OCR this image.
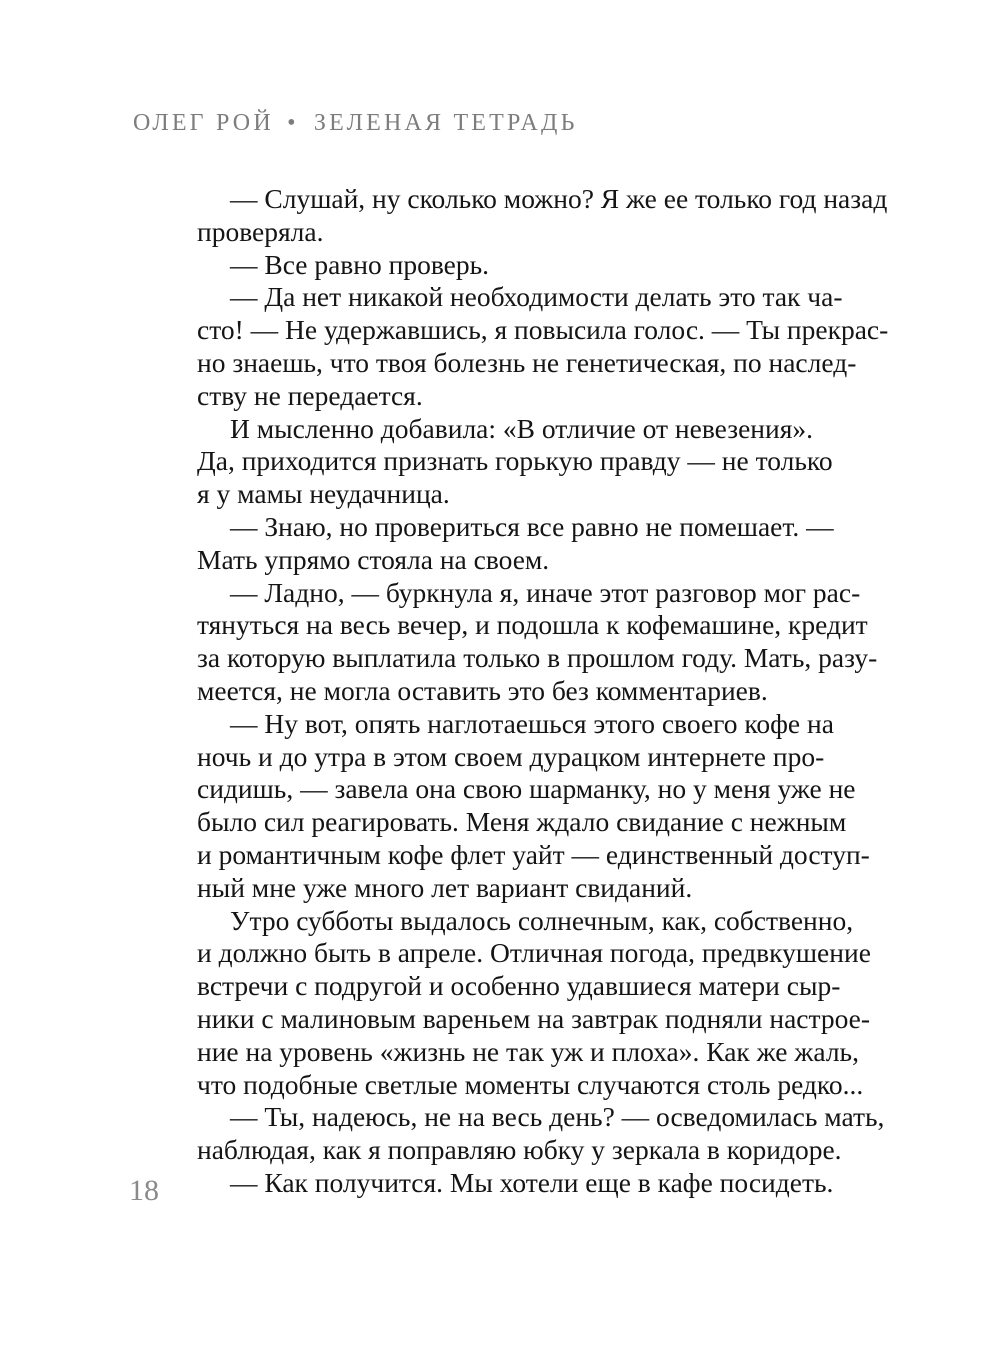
ОЛЕГ РОЙ • ЗЕЛЕНАЯ ТЕТРАДЬ
— Слушай, ну сколько можно? Я же ее только год назад
проверяла.
— Все равно проверь.
— Да нет никакой необходимости делать это так ча-
сто! — Не удержавшись, я повысила голос. — Ты прекрас-
но знаешь, что твоя болезнь не генетическая, по наслед-
ству не передается.
И мысленно добавила: «В отличие от невезения».
Да, приходится признать горькую правду — не только
я у мамы неудачница.
— Знаю, но провериться все равно не помешает. —
Мать упрямо стояла на своем.
— Ладно, — буркнула я, иначе этот разговор мог рас-
тянуться на весь вечер, и подошла к кофемашине, кредит
за которую выплатила только в прошлом году. Мать, разу-
меется, не могла оставить это без комментариев.
— Ну вот, опять наглотаешься этого своего кофе на
ночь и до утра в этом своем дурацком интернете про-
сидишь, — завела она свою шарманку, но у меня уже не
было сил реагировать. Меня ждало свидание с нежным
и романтичным кофе флет уайт — единственный доступ-
ный мне уже много лет вариант свиданий.
Утро субботы выдалось солнечным, как, собственно,
и должно быть в апреле. Отличная погода, предвкушение
встречи с подругой и особенно удавшиеся матери сыр-
ники с малиновым вареньем на завтрак подняли настрое-
ние на уровень «жизнь не так уж и плоха». Как же жаль,
что подобные светлые моменты случаются столь редко...
— Ты, надеюсь, не на весь день? — осведомилась мать,
наблюдая, как я поправляю юбку у зеркала в коридоре.
— Как получится. Мы хотели еще в кафе посидеть.
18
